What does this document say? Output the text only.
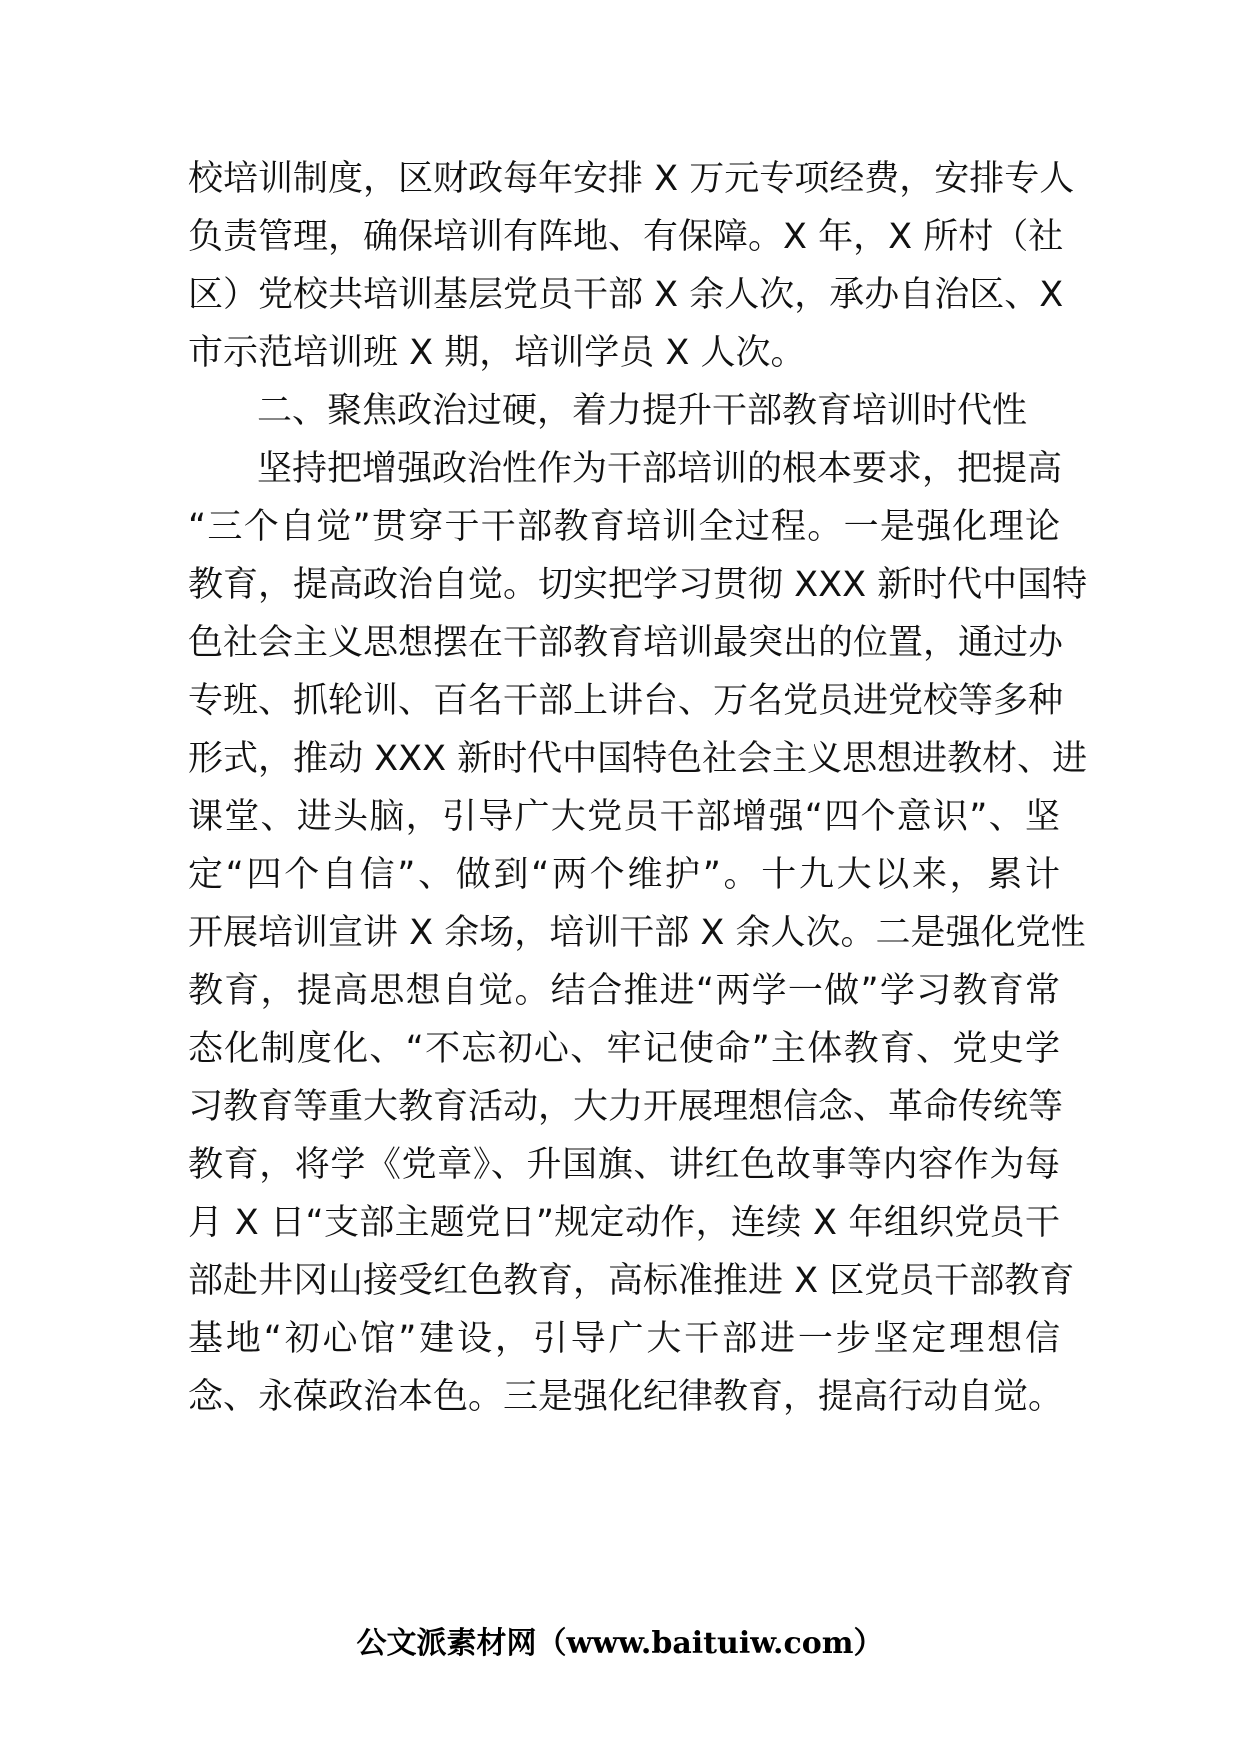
校培训制度，区财政每年安排 X 万元专项经费，安排专人
负责管理，确保培训有阵地、有保障。X 年，X 所村（社
区）党校共培训基层党员干部 X 余人次，承办自治区、X
市示范培训班 X 期，培训学员 X 人次。
二、聚焦政治过硬，着力提升干部教育培训时代性
坚持把增强政治性作为干部培训的根本要求，把提高
“三个自觉”贯穿于干部教育培训全过程。一是强化理论
教育，提高政治自觉。切实把学习贯彻 XXX 新时代中国特
色社会主义思想摆在干部教育培训最突出的位置，通过办
专班、抓轮训、百名干部上讲台、万名党员进党校等多种
形式，推动 XXX 新时代中国特色社会主义思想进教材、进
课堂、进头脑，引导广大党员干部增强“四个意识”、坚
定“四个自信”、做到“两个维护”。十九大以来，累计
开展培训宣讲 X 余场，培训干部 X 余人次。二是强化党性
教育，提高思想自觉。结合推进“两学一做”学习教育常
态化制度化、“不忘初心、牢记使命”主体教育、党史学
习教育等重大教育活动，大力开展理想信念、革命传统等
教育，将学《党章》、升国旗、讲红色故事等内容作为每
月 X 日“支部主题党日”规定动作，连续 X 年组织党员干
部赴井冈山接受红色教育，高标准推进 X 区党员干部教育
基地“初心馆”建设，引导广大干部进一步坚定理想信
念、永葆政治本色。三是强化纪律教育，提高行动自觉。
公文派素材网（www.baituiw.com）
